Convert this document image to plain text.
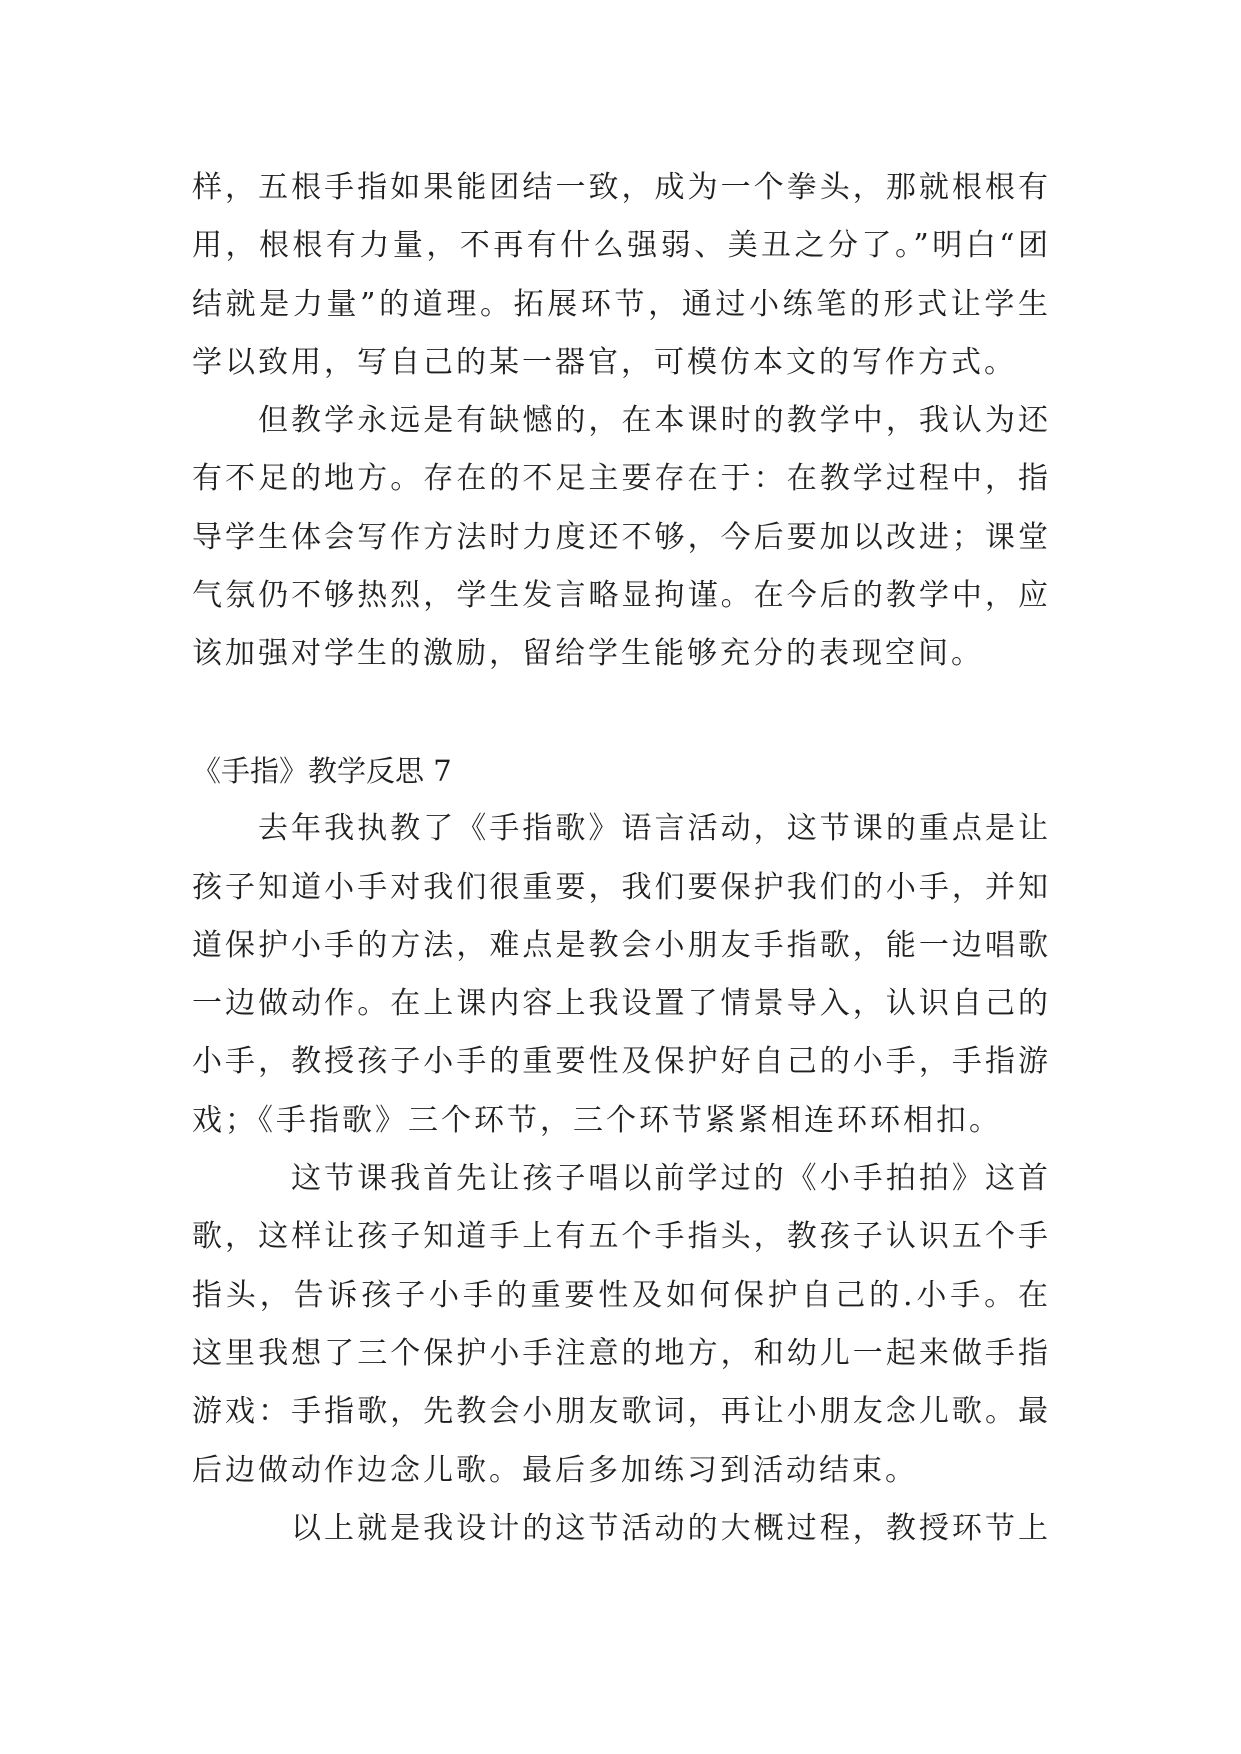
样，五根手指如果能团结一致，成为一个拳头，那就根根有
用，根根有力量，不再有什么强弱、美丑之分了。”明白“团
结就是力量”的道理。拓展环节，通过小练笔的形式让学生
学以致用，写自己的某一器官，可模仿本文的写作方式。
但教学永远是有缺憾的，在本课时的教学中，我认为还
有不足的地方。存在的不足主要存在于：在教学过程中，指
导学生体会写作方法时力度还不够，今后要加以改进；课堂
气氛仍不够热烈，学生发言略显拘谨。在今后的教学中，应
该加强对学生的激励，留给学生能够充分的表现空间。
《手指》教学反思 7
去年我执教了《手指歌》语言活动，这节课的重点是让
孩子知道小手对我们很重要，我们要保护我们的小手，并知
道保护小手的方法，难点是教会小朋友手指歌，能一边唱歌
一边做动作。在上课内容上我设置了情景导入，认识自己的
小手，教授孩子小手的重要性及保护好自己的小手，手指游
戏；《手指歌》三个环节，三个环节紧紧相连环环相扣。
这节课我首先让孩子唱以前学过的《小手拍拍》这首
歌，这样让孩子知道手上有五个手指头，教孩子认识五个手
指头，告诉孩子小手的重要性及如何保护自己的.小手。在
这里我想了三个保护小手注意的地方，和幼儿一起来做手指
游戏：手指歌，先教会小朋友歌词，再让小朋友念儿歌。最
后边做动作边念儿歌。最后多加练习到活动结束。
以上就是我设计的这节活动的大概过程，教授环节上
